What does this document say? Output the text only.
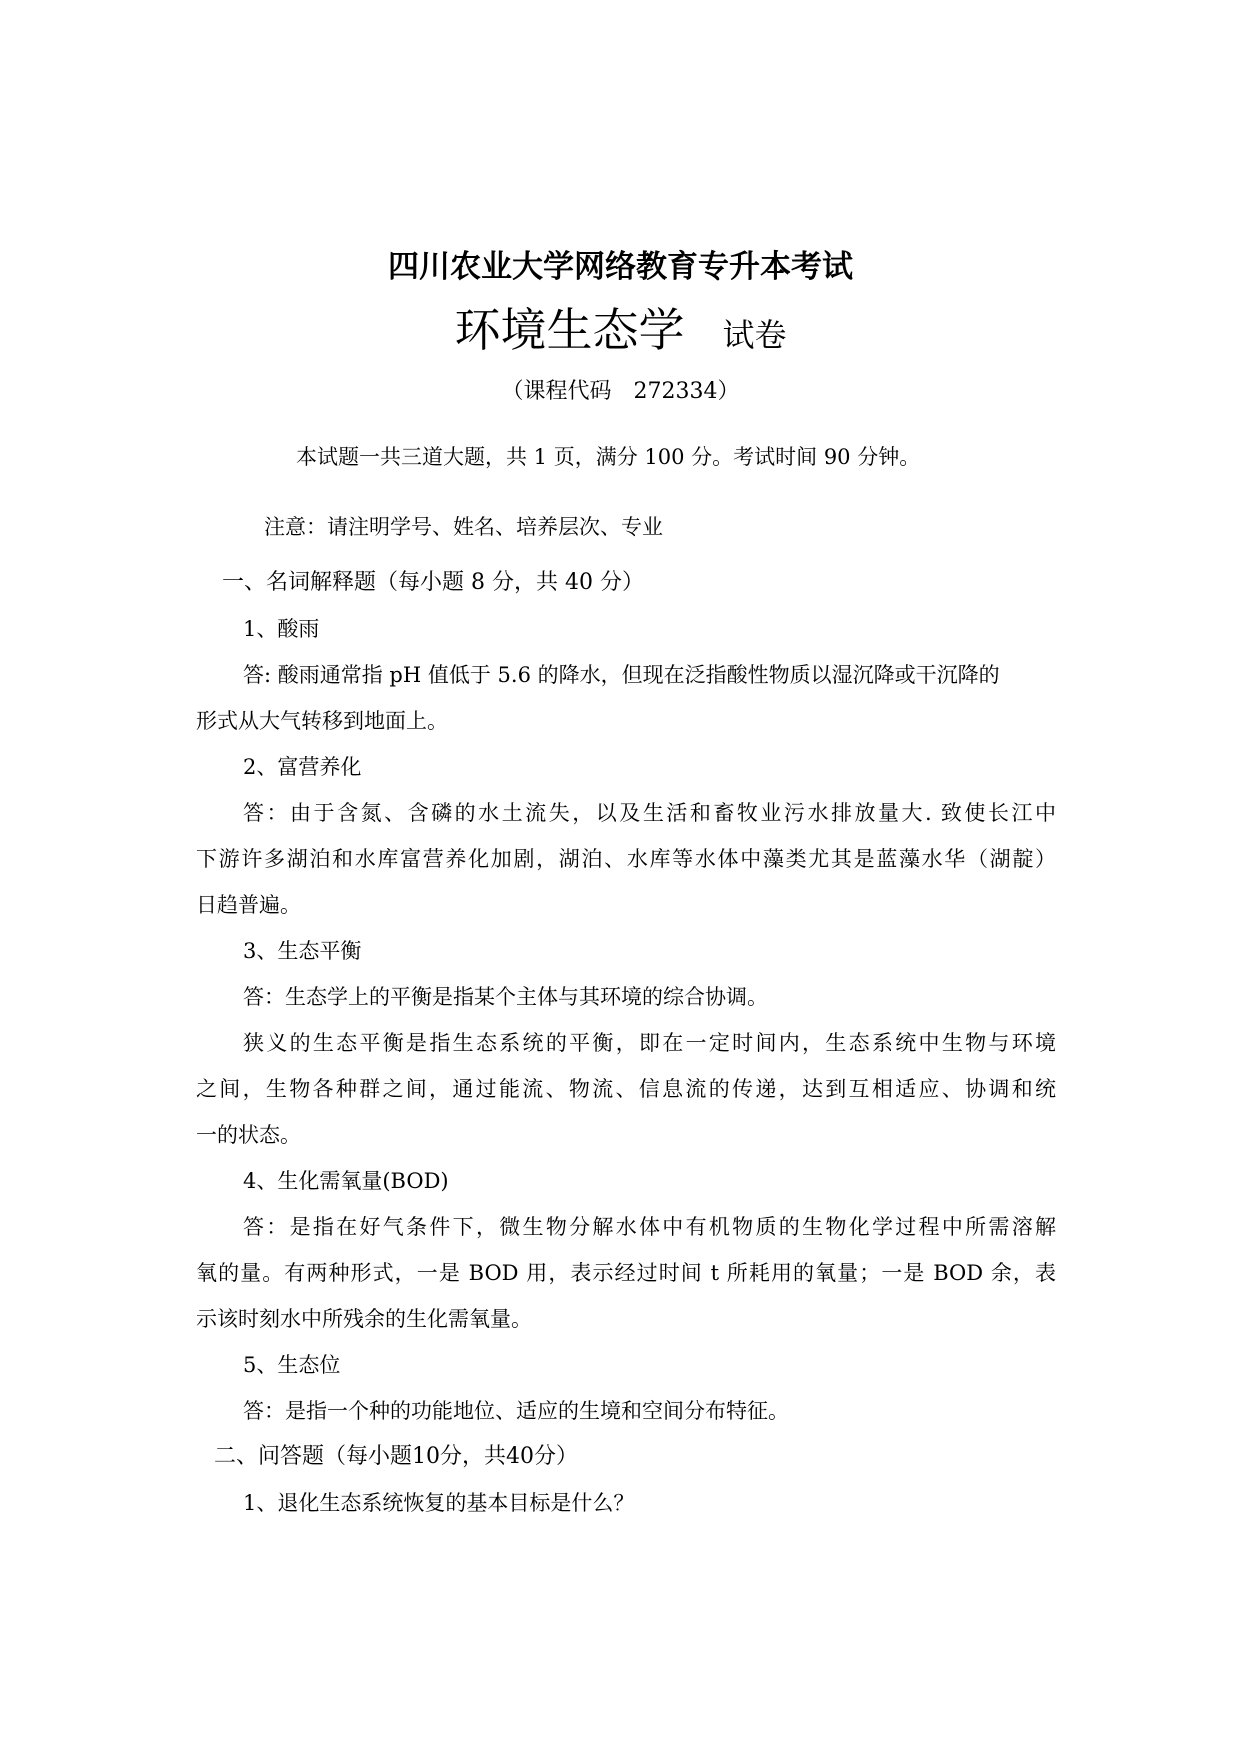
四川农业大学网络教育专升本考试
环境生态学 试卷
（课程代码　272334）
本试题一共三道大题，共 1 页，满分 100 分。考试时间 90 分钟。
注意：请注明学号、姓名、培养层次、专业
一、名词解释题（每小题 8 分，共 40 分）
1、酸雨
答: 酸雨通常指 pH 值低于 5.6 的降水，但现在泛指酸性物质以湿沉降或干沉降的
形式从大气转移到地面上。
2、富营养化
答：由于含氮、含磷的水土流失，以及生活和畜牧业污水排放量大. 致使长江中
下游许多湖泊和水库富营养化加剧，湖泊、水库等水体中藻类尤其是蓝藻水华（湖靛）
日趋普遍。
3、生态平衡
答：生态学上的平衡是指某个主体与其环境的综合协调。
狭义的生态平衡是指生态系统的平衡，即在一定时间内，生态系统中生物与环境
之间，生物各种群之间，通过能流、物流、信息流的传递，达到互相适应、协调和统
一的状态。
4、生化需氧量(BOD)
答：是指在好气条件下，微生物分解水体中有机物质的生物化学过程中所需溶解
氧的量。有两种形式，一是 BOD 用，表示经过时间 t 所耗用的氧量；一是 BOD 余，表
示该时刻水中所残余的生化需氧量。
5、生态位
答：是指一个种的功能地位、适应的生境和空间分布特征。
二、问答题（每小题10分，共40分）
1、退化生态系统恢复的基本目标是什么？
